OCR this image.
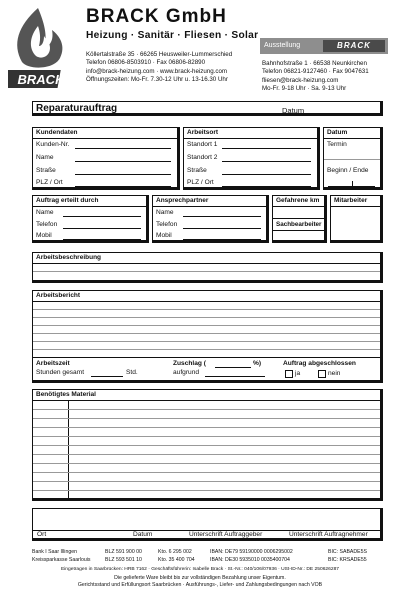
BRACK
BRACK GmbH
Heizung · Sanitär · Fliesen · Solar
Köllertalstraße 35 · 66265 Heusweiler-Lummerschied
Telefon 06806-8503910 · Fax 06806-82890
info@brack-heizung.com · www.brack-heizung.com
Öffnungszeiten: Mo-Fr. 7.30-12 Uhr u. 13-16.30 Uhr
Ausstellung	BRACK
Bahnhofstraße 1 · 66538 Neunkirchen
Telefon 06821-9127460 · Fax 9047631
fliesen@brack-heizung.com
Mo-Fr. 9-18 Uhr · Sa. 9-13 Uhr
Reparaturauftrag	Datum
Kundendaten
Kunden-Nr.
Name
Straße
PLZ / Ort
Arbeitsort
Standort 1
Standort 2
Straße
PLZ / Ort
Datum
Termin
Beginn / Ende
Auftrag erteilt durch
Name
Telefon
Mobil
Ansprechpartner
Name
Telefon
Mobil
Gefahrene km
Sachbearbeiter
Mitarbeiter
Arbeitsbeschreibung
Arbeitsbericht
Arbeitszeit
Stunden gesamt	Std.
Zuschlag (	%)
aufgrund
Auftrag abgeschlossen
ja	nein
Benötigtes Material
Ort	Datum	Unterschrift Auftraggeber	Unterschrift Auftragnehmer
Bank I Saar Illingen	BLZ 591 900 00	Kto. 6 295 002	IBAN: DE79 59190000 0006295002	BIC: SABADE5S
Kreissparkasse Saarlouis	BLZ 593 501 10	Kto. 35 400 704	IBAN: DE30 5935010 0035400704	BIC: KRSADE55
Eingetragen in Saarbrücken: HRB 7162 · Geschäftsführerin: Isabelle Brack · St.-Nr.: 040/106/07936 · USt-ID-Nr.: DE 250626287
Die gelieferte Ware bleibt bis zur vollständigen Bezahlung unser Eigentum.
Gerichtsstand und Erfüllungsort Saarbrücken · Ausführungs-, Liefer- und Zahlungsbedingungen nach VOB
